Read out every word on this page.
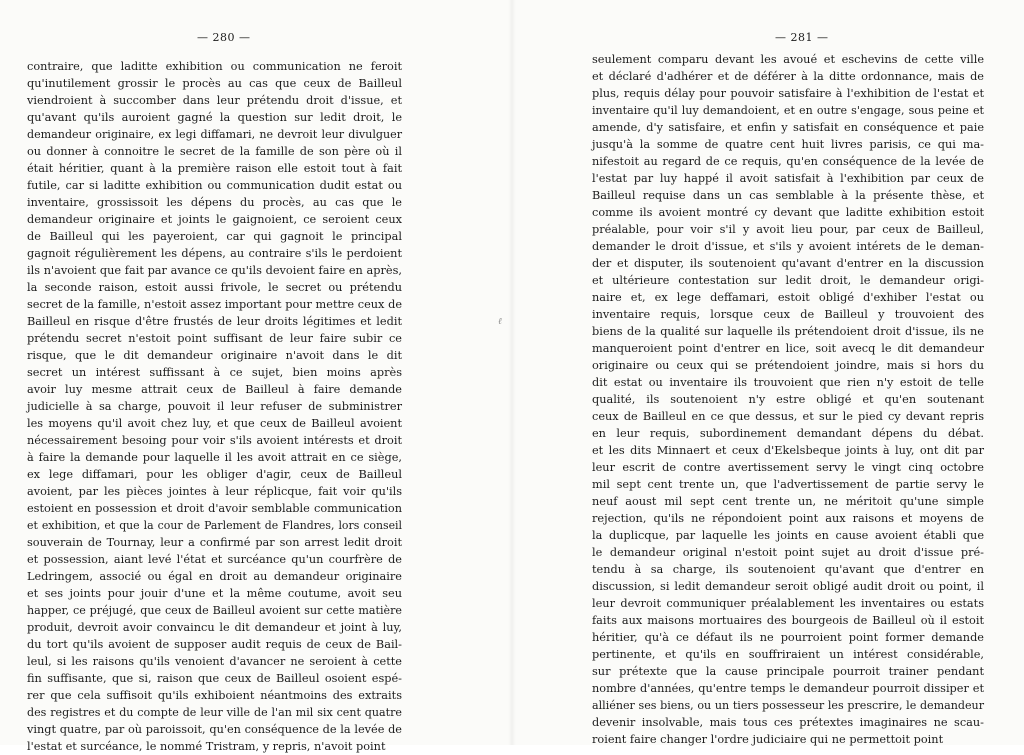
— 280 —
contraire, que laditte exhibition ou communication ne feroit
qu'inutilement grossir le procès au cas que ceux de Bailleul
viendroient à succomber dans leur prétendu droit d'issue, et
qu'avant qu'ils auroient gagné la question sur ledit droit, le
demandeur originaire, ex legi diffamari, ne devroit leur divulguer
ou donner à connoitre le secret de la famille de son père où il
était héritier, quant à la première raison elle estoit tout à fait
futile, car si laditte exhibition ou communication dudit estat ou
inventaire, grossissoit les dépens du procès, au cas que le
demandeur originaire et joints le gaignoient, ce seroient ceux
de Bailleul qui les payeroient, car qui gagnoit le principal
gagnoit régulièrement les dépens, au contraire s'ils le perdoient
ils n'avoient que fait par avance ce qu'ils devoient faire en après,
la seconde raison, estoit aussi frivole, le secret ou prétendu
secret de la famille, n'estoit assez important pour mettre ceux de
Bailleul en risque d'être frustés de leur droits légitimes et ledit
prétendu secret n'estoit point suffisant de leur faire subir ce
risque, que le dit demandeur originaire n'avoit dans le dit
secret un intérest suffissant à ce sujet, bien moins après
avoir luy mesme attrait ceux de Bailleul à faire demande
judicielle à sa charge, pouvoit il leur refuser de subministrer
les moyens qu'il avoit chez luy, et que ceux de Bailleul avoient
nécessairement besoing pour voir s'ils avoient intérests et droit
à faire la demande pour laquelle il les avoit attrait en ce siège,
ex lege diffamari, pour les obliger d'agir, ceux de Bailleul
avoient, par les pièces jointes à leur réplicque, fait voir qu'ils
estoient en possession et droit d'avoir semblable communication
et exhibition, et que la cour de Parlement de Flandres, lors conseil
souverain de Tournay, leur a confirmé par son arrest ledit droit
et possession, aiant levé l'état et surcéance qu'un courfrère de
Ledringem, associé ou égal en droit au demandeur originaire
et ses joints pour jouir d'une et la même coutume, avoit seu
happer, ce préjugé, que ceux de Bailleul avoient sur cette matière
produit, devroit avoir convaincu le dit demandeur et joint à luy,
du tort qu'ils avoient de supposer audit requis de ceux de Bail-
leul, si les raisons qu'ils venoient d'avancer ne seroient à cette
fin suffisante, que si, raison que ceux de Bailleul osoient espé-
rer que cela suffisoit qu'ils exhiboient néantmoins des extraits
des registres et du compte de leur ville de l'an mil six cent quatre
vingt quatre, par où paroissoit, qu'en conséquence de la levée de
l'estat et surcéance, le nommé Tristram, y repris, n'avoit point
ℓ
— 281 —
seulement comparu devant les avoué et eschevins de cette ville
et déclaré d'adhérer et de déférer à la ditte ordonnance, mais de
plus, requis délay pour pouvoir satisfaire à l'exhibition de l'estat et
inventaire qu'il luy demandoient, et en outre s'engage, sous peine et
amende, d'y satisfaire, et enfin y satisfait en conséquence et paie
jusqu'à la somme de quatre cent huit livres parisis, ce qui ma-
nifestoit au regard de ce requis, qu'en conséquence de la levée de
l'estat par luy happé il avoit satisfait à l'exhibition par ceux de
Bailleul requise dans un cas semblable à la présente thèse, et
comme ils avoient montré cy devant que laditte exhibition estoit
préalable, pour voir s'il y avoit lieu pour, par ceux de Bailleul,
demander le droit d'issue, et s'ils y avoient intérets de le deman-
der et disputer, ils soutenoient qu'avant d'entrer en la discussion
et ultérieure contestation sur ledit droit, le demandeur origi-
naire et, ex lege deffamari, estoit obligé d'exhiber l'estat ou
inventaire requis, lorsque ceux de Bailleul y trouvoient des
biens de la qualité sur laquelle ils prétendoient droit d'issue, ils ne
manqueroient point d'entrer en lice, soit avecq le dit demandeur
originaire ou ceux qui se prétendoient joindre, mais si hors du
dit estat ou inventaire ils trouvoient que rien n'y estoit de telle
qualité, ils soutenoient n'y estre obligé et qu'en soutenant
ceux de Bailleul en ce que dessus, et sur le pied cy devant repris
en leur requis, subordinement demandant dépens du débat.
et les dits Minnaert et ceux d'Ekelsbeque joints à luy, ont dit par
leur escrit de contre avertissement servy le vingt cinq octobre
mil sept cent trente un, que l'advertissement de partie servy le
neuf aoust mil sept cent trente un, ne méritoit qu'une simple
rejection, qu'ils ne répondoient point aux raisons et moyens de
la duplicque, par laquelle les joints en cause avoient établi que
le demandeur original n'estoit point sujet au droit d'issue pré-
tendu à sa charge, ils soutenoient qu'avant que d'entrer en
discussion, si ledit demandeur seroit obligé audit droit ou point, il
leur devroit communiquer préalablement les inventaires ou estats
faits aux maisons mortuaires des bourgeois de Bailleul où il estoit
héritier, qu'à ce défaut ils ne pourroient point former demande
pertinente, et qu'ils en souffriraient un intérest considérable,
sur prétexte que la cause principale pourroit trainer pendant
nombre d'années, qu'entre temps le demandeur pourroit dissiper et
alliéner ses biens, ou un tiers possesseur les prescrire, le demandeur
devenir insolvable, mais tous ces prétextes imaginaires ne scau-
roient faire changer l'ordre judiciaire qui ne permettoit point
